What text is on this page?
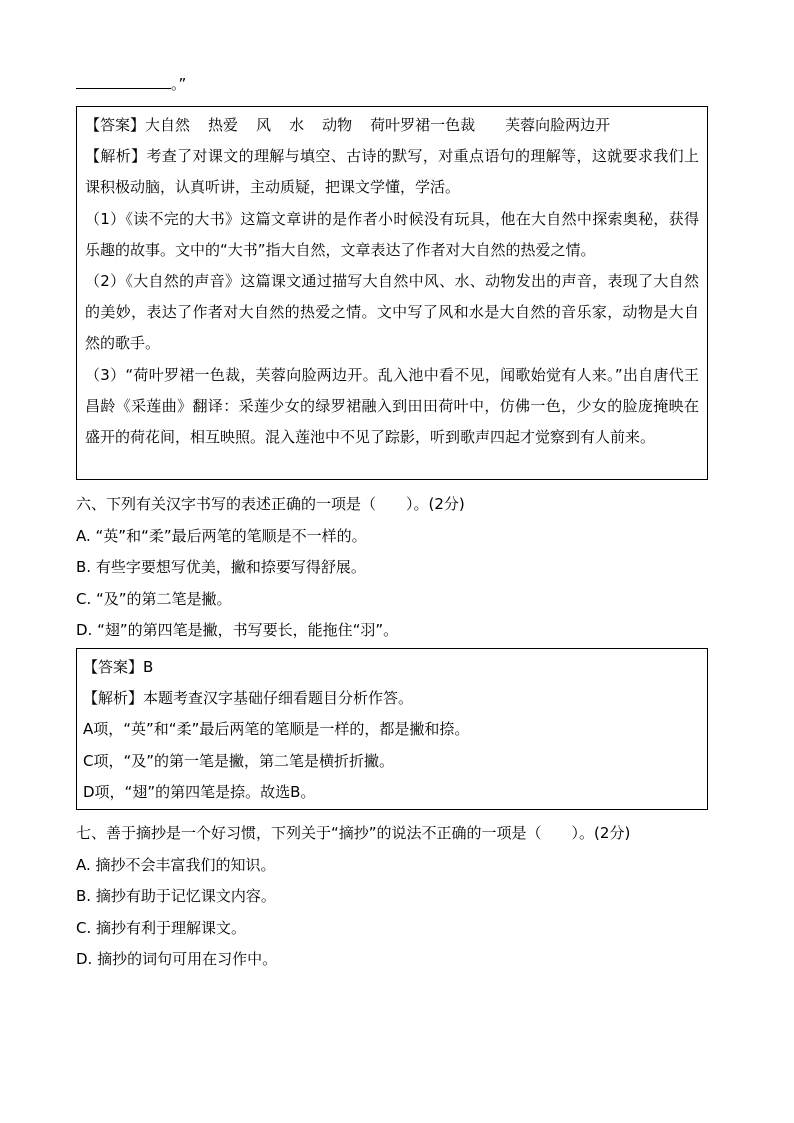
。”

【答案】大自然 热爱 风 水 动物 荷叶罗裙一色裁 芙蓉向脸两边开

【解析】考查了对课文的理解与填空、古诗的默写，对重点语句的理解等，这就要求我们上课积极动脑，认真听讲，主动质疑，把课文学懂，学活。

（1）《读不完的大书》这篇文章讲的是作者小时候没有玩具，他在大自然中探索奥秘，获得乐趣的故事。文中的“大书”指大自然，文章表达了作者对大自然的热爱之情。

（2）《大自然的声音》这篇课文通过描写大自然中风、水、动物发出的声音，表现了大自然的美妙，表达了作者对大自然的热爱之情。文中写了风和水是大自然的音乐家，动物是大自然的歌手。

（3）“荷叶罗裙一色裁，芙蓉向脸两边开。乱入池中看不见，闻歌始觉有人来。”出自唐代王昌龄《采莲曲》翻译：采莲少女的绿罗裙融入到田田荷叶中，仿佛一色，少女的脸庞掩映在盛开的荷花间，相互映照。混入莲池中不见了踪影，听到歌声四起才觉察到有人前来。

六、下列有关汉字书写的表述正确的一项是（　　）。(2分)
A. “英”和“柔”最后两笔的笔顺是不一样的。
B. 有些字要想写优美，撇和捺要写得舒展。
C. “及”的第二笔是撇。
D. “翅”的第四笔是撇，书写要长，能拖住“羽”。

【答案】B

【解析】本题考查汉字基础仔细看题目分析作答。

A项，“英”和“柔”最后两笔的笔顺是一样的，都是撇和捺。

C项，“及”的第一笔是撇，第二笔是横折折撇。

D项，“翅”的第四笔是捺。故选B。

七、善于摘抄是一个好习惯，下列关于“摘抄”的说法不正确的一项是（　　）。(2分)
A. 摘抄不会丰富我们的知识。
B. 摘抄有助于记忆课文内容。
C. 摘抄有利于理解课文。
D. 摘抄的词句可用在习作中。
